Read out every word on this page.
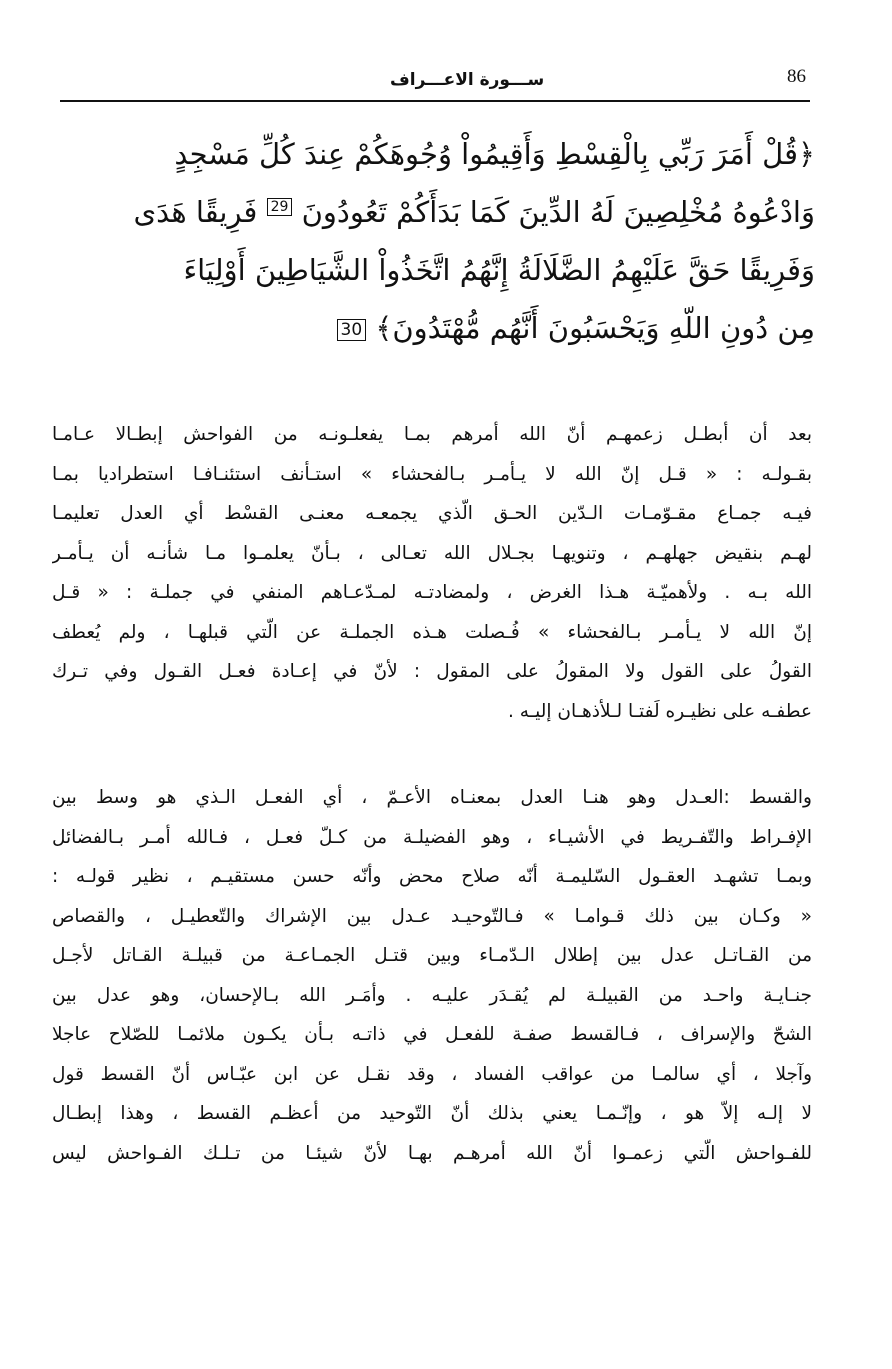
86
ســـورة الاعـــراف
﴿قُلْ أَمَرَ رَبِّي بِالْقِسْطِ وَأَقِيمُواْ وُجُوهَكُمْ عِندَ كُلِّ مَسْجِدٍ
وَادْعُوهُ مُخْلِصِينَ لَهُ الدِّينَ كَمَا بَدَأَكُمْ تَعُودُونَ 29 فَرِيقًا هَدَى
وَفَرِيقًا حَقَّ عَلَيْهِمُ الضَّلَالَةُ إِنَّهُمُ اتَّخَذُواْ الشَّيَاطِينَ أَوْلِيَاءَ
مِن دُونِ اللّهِ وَيَحْسَبُونَ أَنَّهُم مُّهْتَدُونَ﴾ 30
بعد أن أبطـل زعمهـم أنّ الله أمرهم بمـا يفعلـونـه من الفواحش إبطـالا عـامـا
بقـولـه : « قـل إنّ الله لا يـأمـر بـالفحشاء » استـأنف استئنـافـا استطراديا بمـا
فيـه جمـاع مقـوّمـات الـدّين الحـق الّذي يجمعـه معنـى القسْط أي العدل تعليمـا
لهـم بنقيض جهلهـم ، وتنويهـا بجـلال الله تعـالى ، بـأنّ يعلمـوا مـا شأنـه أن يـأمـر
الله بـه . ولأهميّـة هـذا الغرض ، ولمضادتـه لمـدّعـاهم المنفي في جملـة : « قـل
إنّ الله لا يـأمـر بـالفحشاء » فُـصلت هـذه الجملـة عن الّتي قبلهـا ، ولم يُعطف
القولُ على القول ولا المقولُ على المقول : لأنّ في إعـادة فعـل القـول وفي تـرك
عطفـه على نظيـره لَفتـا لـلأذهـان إليـه .
والقسط :العـدل وهو هنـا العدل بمعنـاه الأعـمّ ، أي الفعـل الـذي هو وسط بين
الإفـراط والتّفـريط في الأشيـاء ، وهو الفضيلـة من كـلّ فعـل ، فـالله أمـر بـالفضائل
وبمـا تشهـد العقـول السّليمـة أنّه صلاح محض وأنّه حسن مستقيـم ، نظير قولـه :
« وكـان بين ذلك قـوامـا » فـالتّوحيـد عـدل بين الإشراك والتّعطيـل ، والقصاص
من القـاتـل عدل بين إطلال الـدّمـاء وبين قتـل الجمـاعـة من قبيلـة القـاتل لأجـل
جنـايـة واحـد من القبيلـة لم يُقـدَر عليـه . وأمَـر الله بـالإحسان، وهو عدل بين
الشحّ والإسراف ، فـالقسط صفـة للفعـل في ذاتـه بـأن يكـون ملائمـا للصّلاح عاجلا
وآجلا ، أي سالمـا من عواقب الفساد ، وقد نقـل عن ابن عبّـاس أنّ القسط قول
لا إلـه إلاّ هو ، وإنّـمـا يعني بذلك أنّ التّوحيد من أعظـم القسط ، وهذا إبطـال
للفـواحش الّتي زعمـوا أنّ الله أمرهـم بهـا لأنّ شيئـا من تـلـك الفـواحش ليس
